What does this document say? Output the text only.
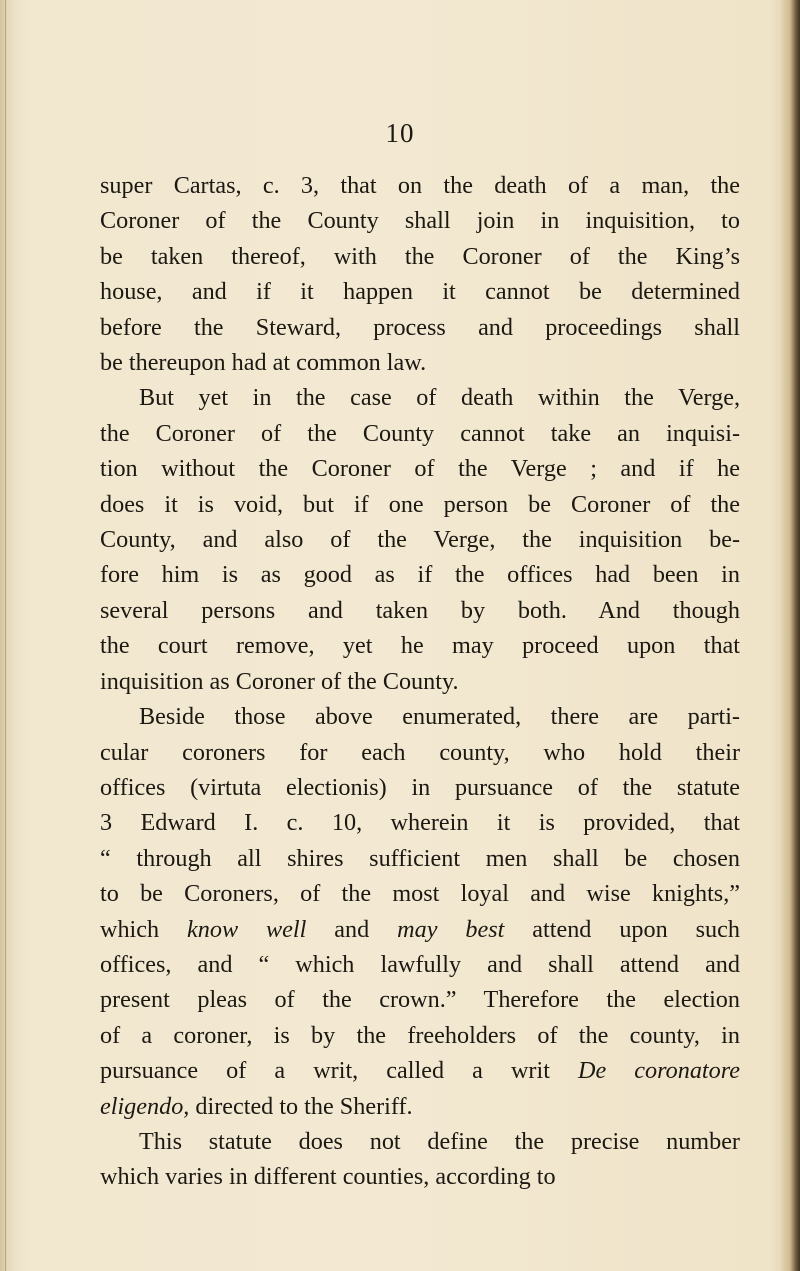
10
super Cartas, c. 3, that on the death of a man, the
Coroner of the County shall join in inquisition, to
be taken thereof, with the Coroner of the King’s
house, and if it happen it cannot be determined
before the Steward, process and proceedings shall
be thereupon had at common law.
But yet in the case of death within the Verge,
the Coroner of the County cannot take an inquisi-
tion without the Coroner of the Verge ; and if he
does it is void, but if one person be Coroner of the
County, and also of the Verge, the inquisition be-
fore him is as good as if the offices had been in
several persons and taken by both. And though
the court remove, yet he may proceed upon that
inquisition as Coroner of the County.
Beside those above enumerated, there are parti-
cular coroners for each county, who hold their
offices (virtuta electionis) in pursuance of the statute
3 Edward I. c. 10, wherein it is provided, that
“ through all shires sufficient men shall be chosen
to be Coroners, of the most loyal and wise knights,”
which know well and may best attend upon such
offices, and “ which lawfully and shall attend and
present pleas of the crown.” Therefore the election
of a coroner, is by the freeholders of the county, in
pursuance of a writ, called a writ De coronatore
eligendo, directed to the Sheriff.
This statute does not define the precise number
which varies in different counties, according to
